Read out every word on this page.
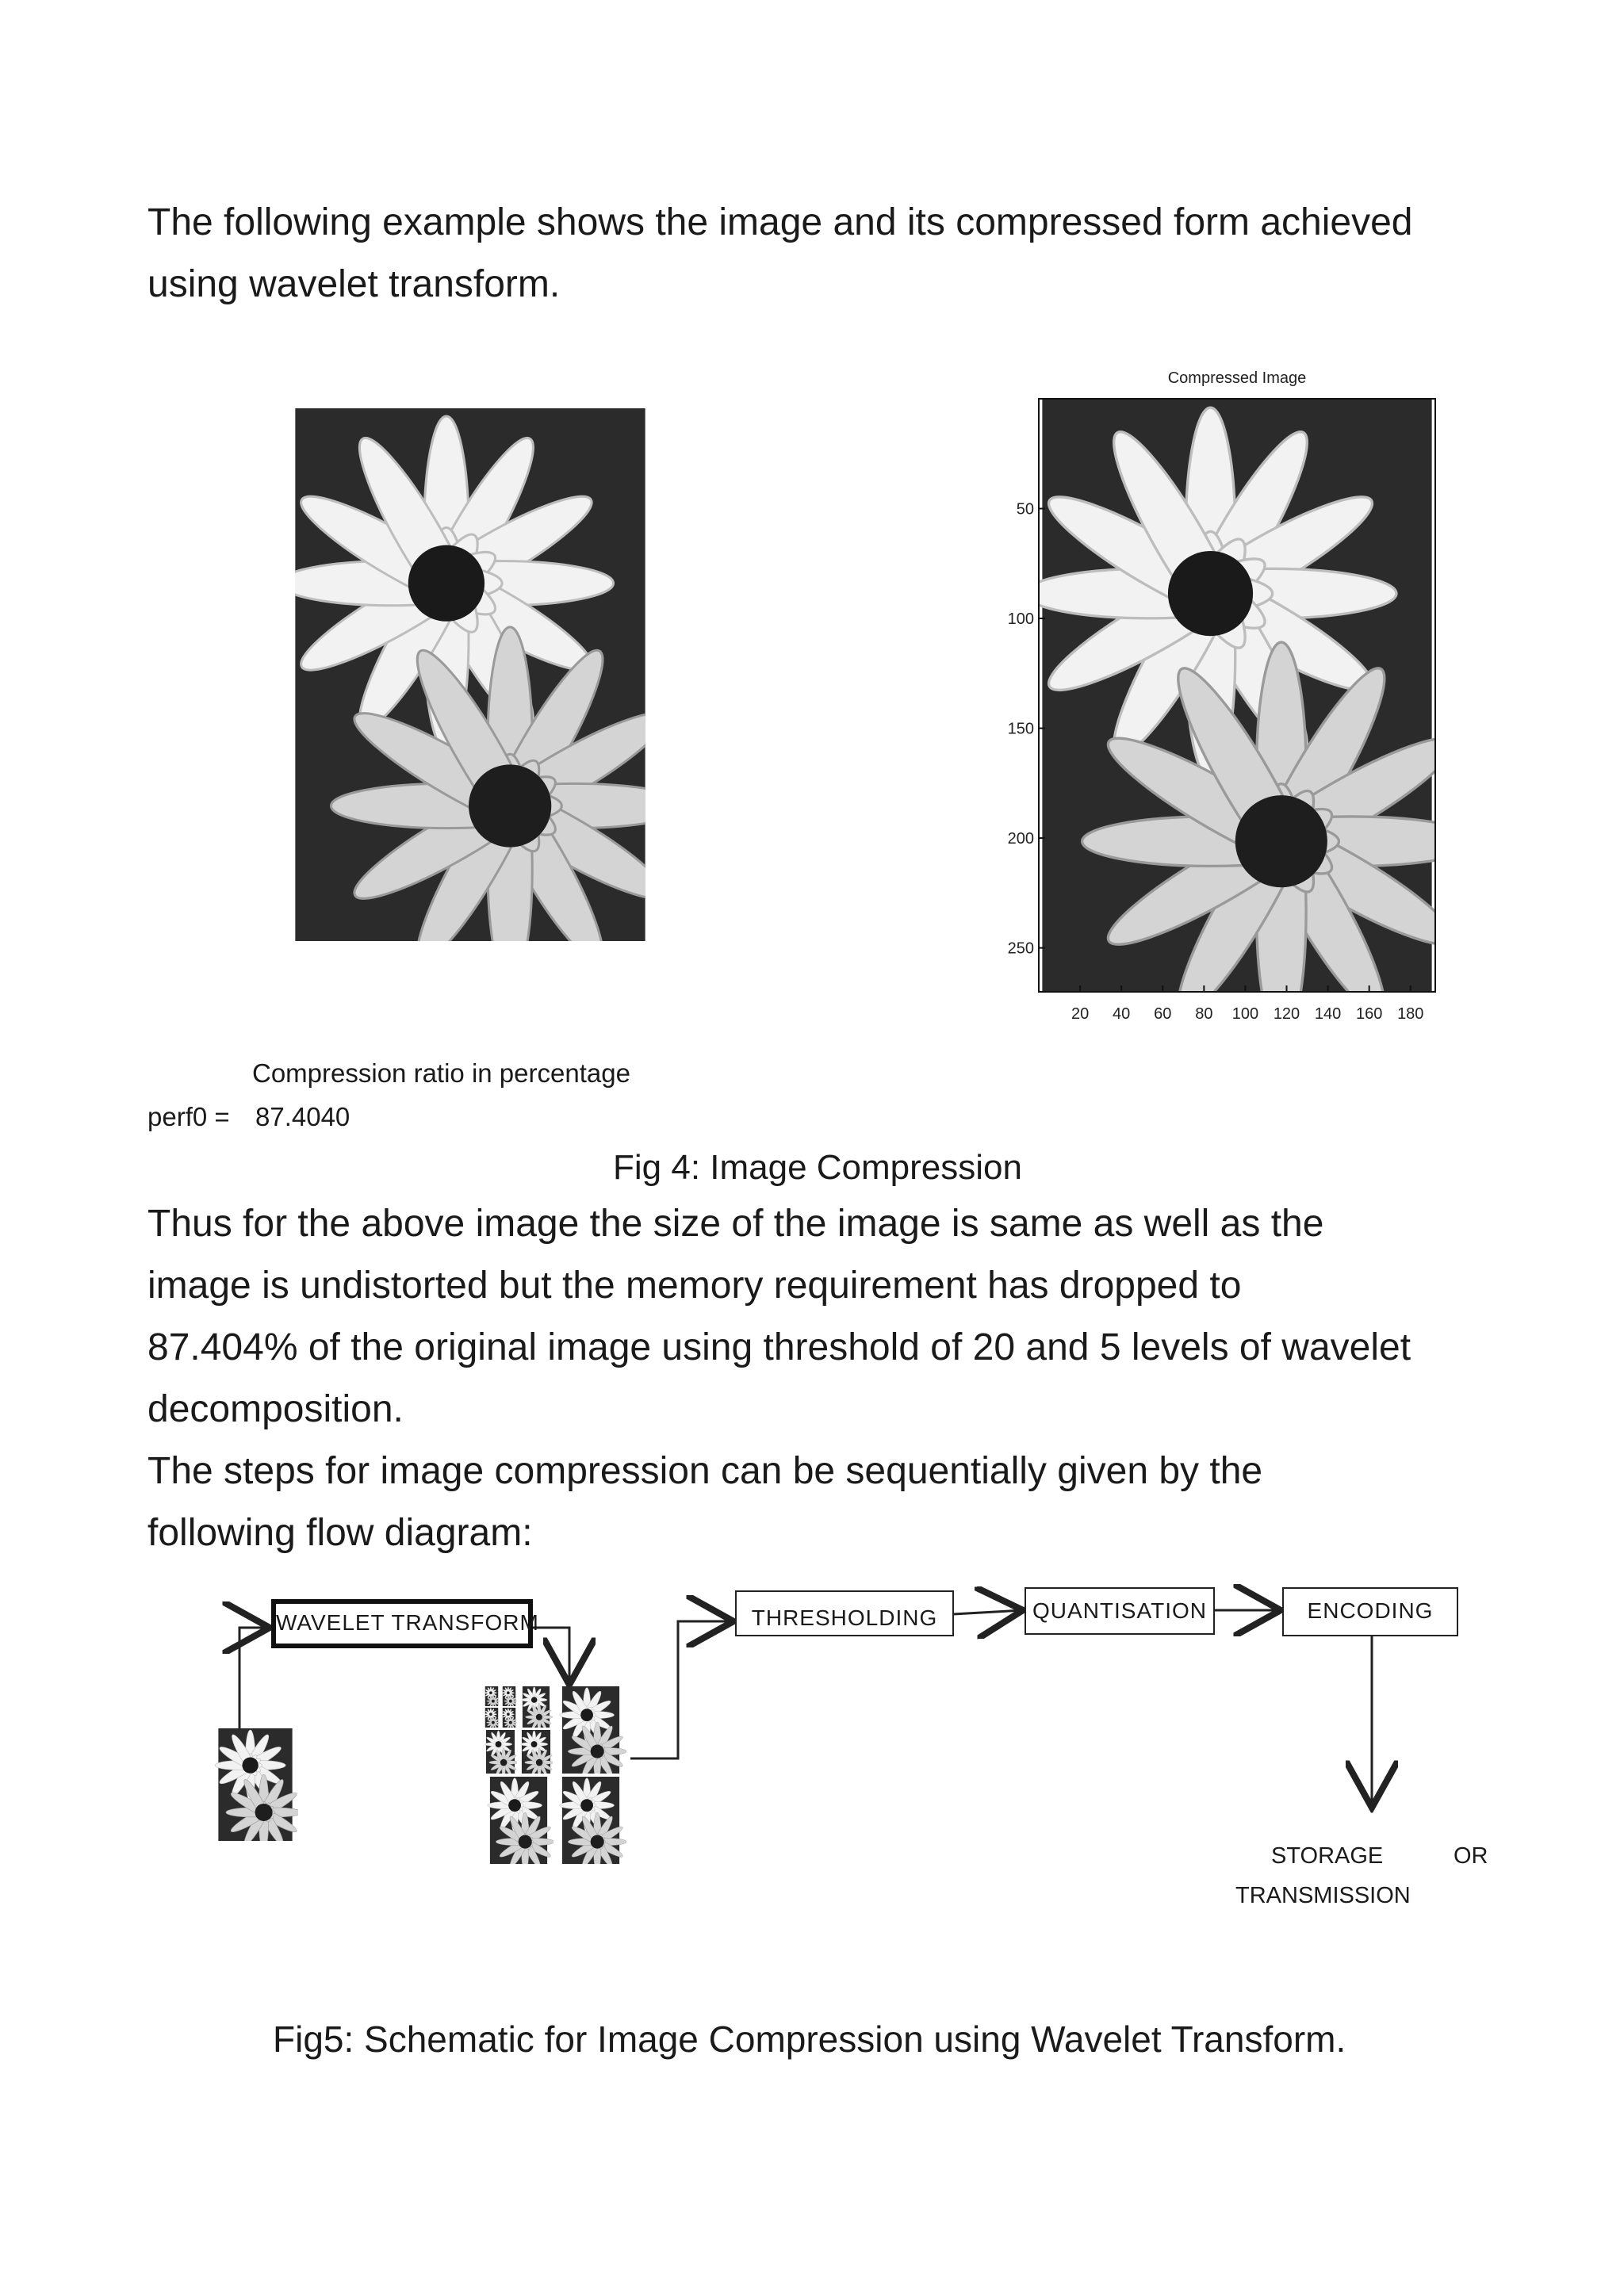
The following example shows the image and its compressed form achieved
using wavelet transform.
Compressed Image
50
100
150
200
250
20 40 60 80 100 120 140 160 180
Compression ratio in percentage
perf0 = 87.4040
Fig 4: Image Compression
Thus for the above image the size of the image is same as well as the
image is undistorted but the memory requirement has dropped to
87.404% of the original image using threshold of 20 and 5 levels of wavelet
decomposition.
The steps for image compression can be sequentially given by the
following flow diagram:
WAVELET TRANSFORM	THRESHOLDING	QUANTISATION	ENCODING
STORAGE	OR
TRANSMISSION
Fig5: Schematic for Image Compression using Wavelet Transform.
